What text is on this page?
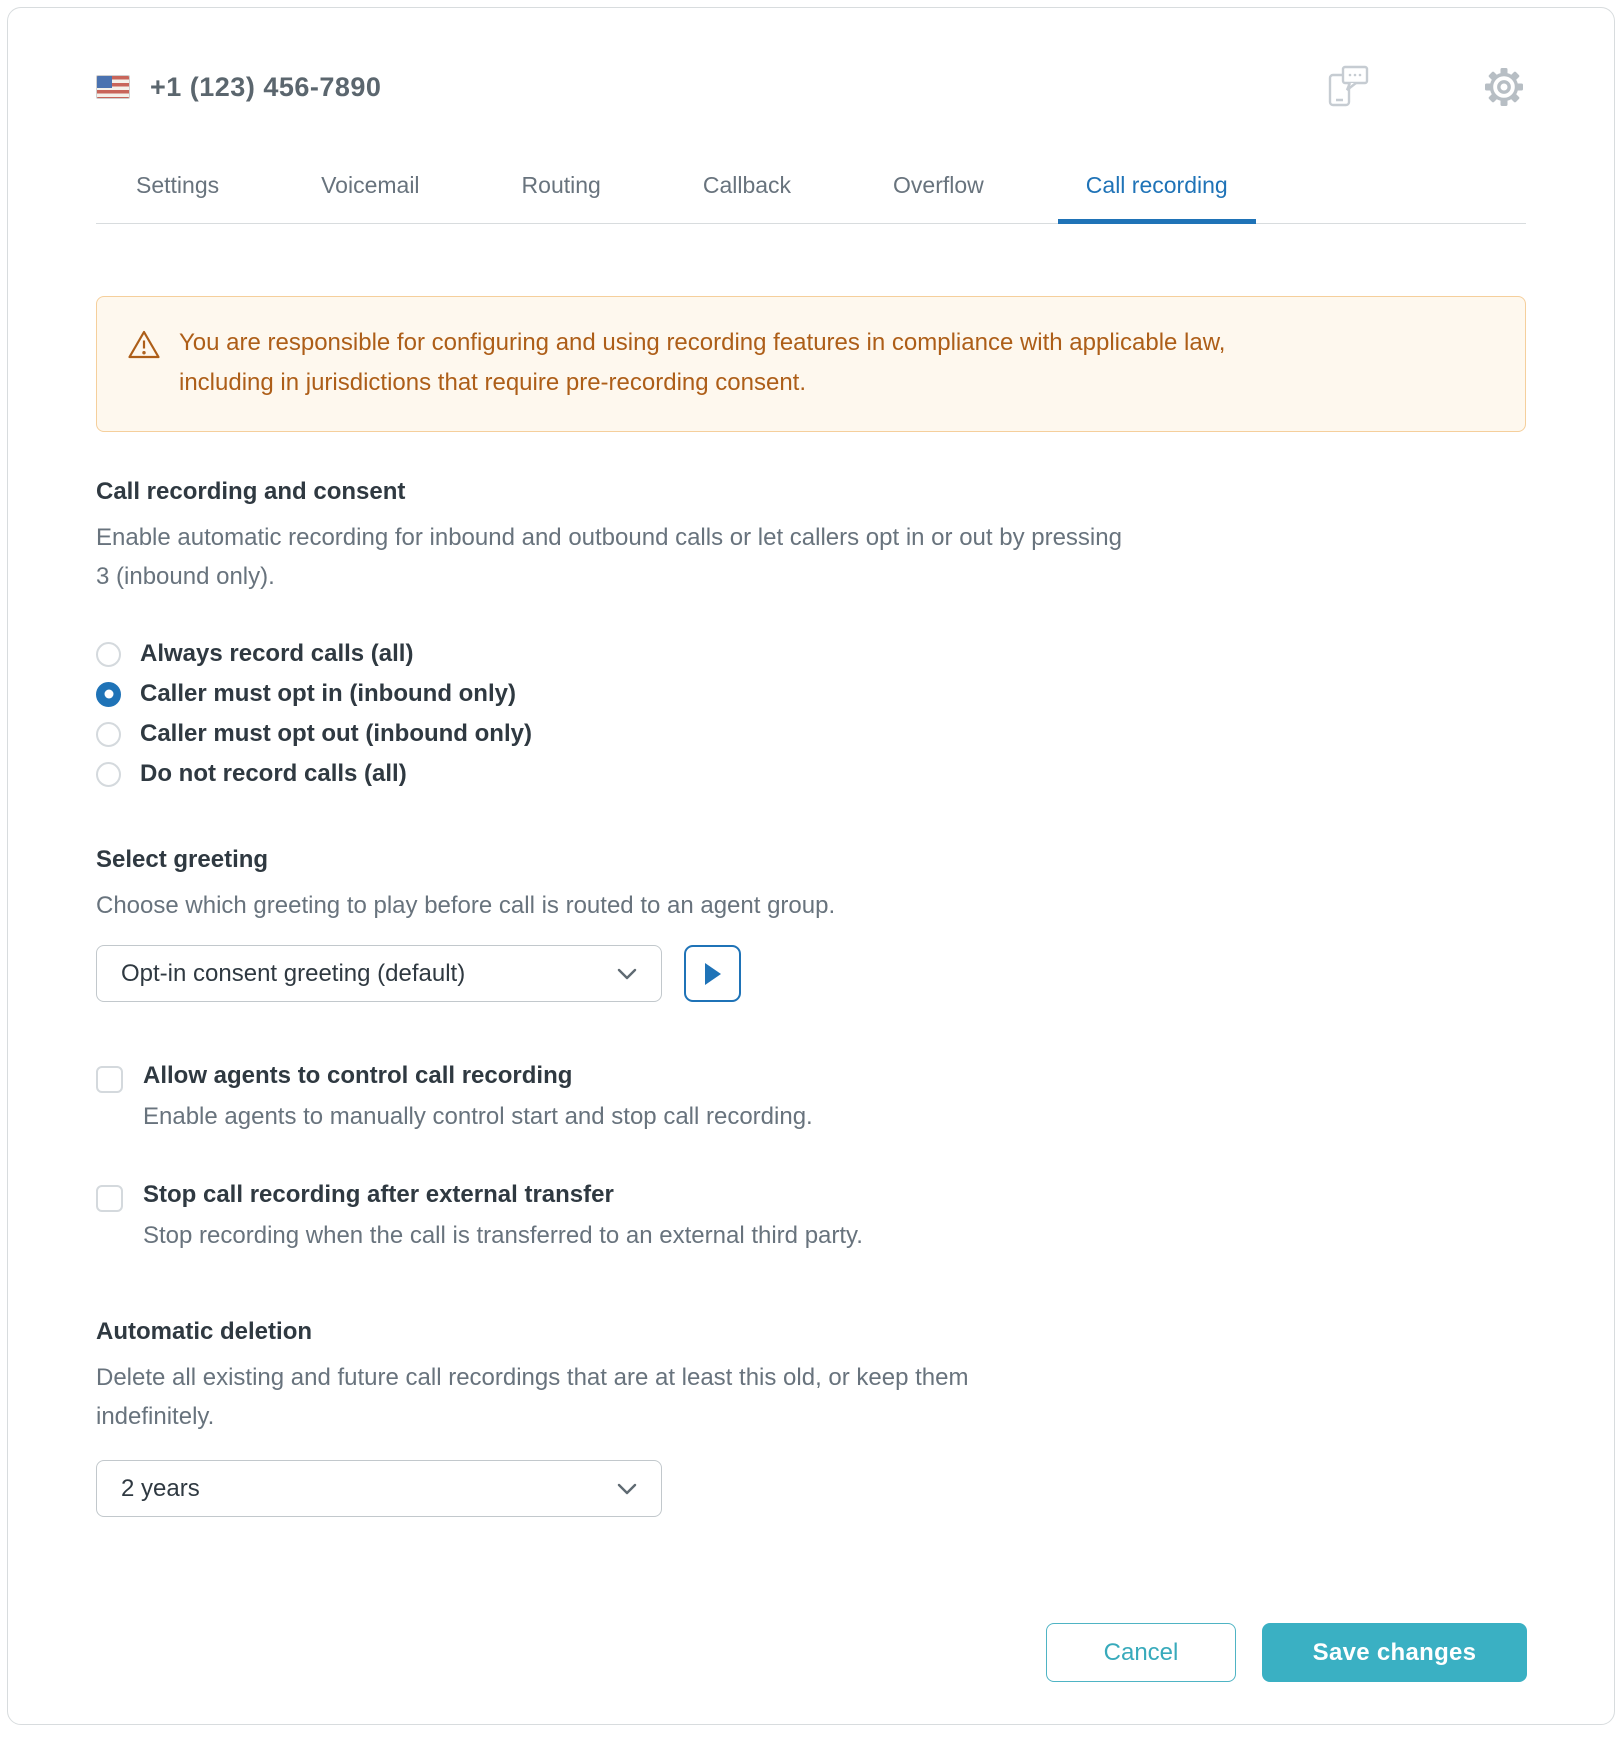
+1 (123) 456-7890
Settings	Voicemail	Routing	Callback	Overflow	Call recording
You are responsible for configuring and using recording features in compliance with applicable law, including in jurisdictions that require pre-recording consent.
Call recording and consent
Enable automatic recording for inbound and outbound calls or let callers opt in or out by pressing 3 (inbound only).
Always record calls (all)
Caller must opt in (inbound only)
Caller must opt out (inbound only)
Do not record calls (all)
Select greeting
Choose which greeting to play before call is routed to an agent group.
Opt-in consent greeting (default)
Allow agents to control call recording
Enable agents to manually control start and stop call recording.
Stop call recording after external transfer
Stop recording when the call is transferred to an external third party.
Automatic deletion
Delete all existing and future call recordings that are at least this old, or keep them indefinitely.
2 years
Cancel	Save changes
